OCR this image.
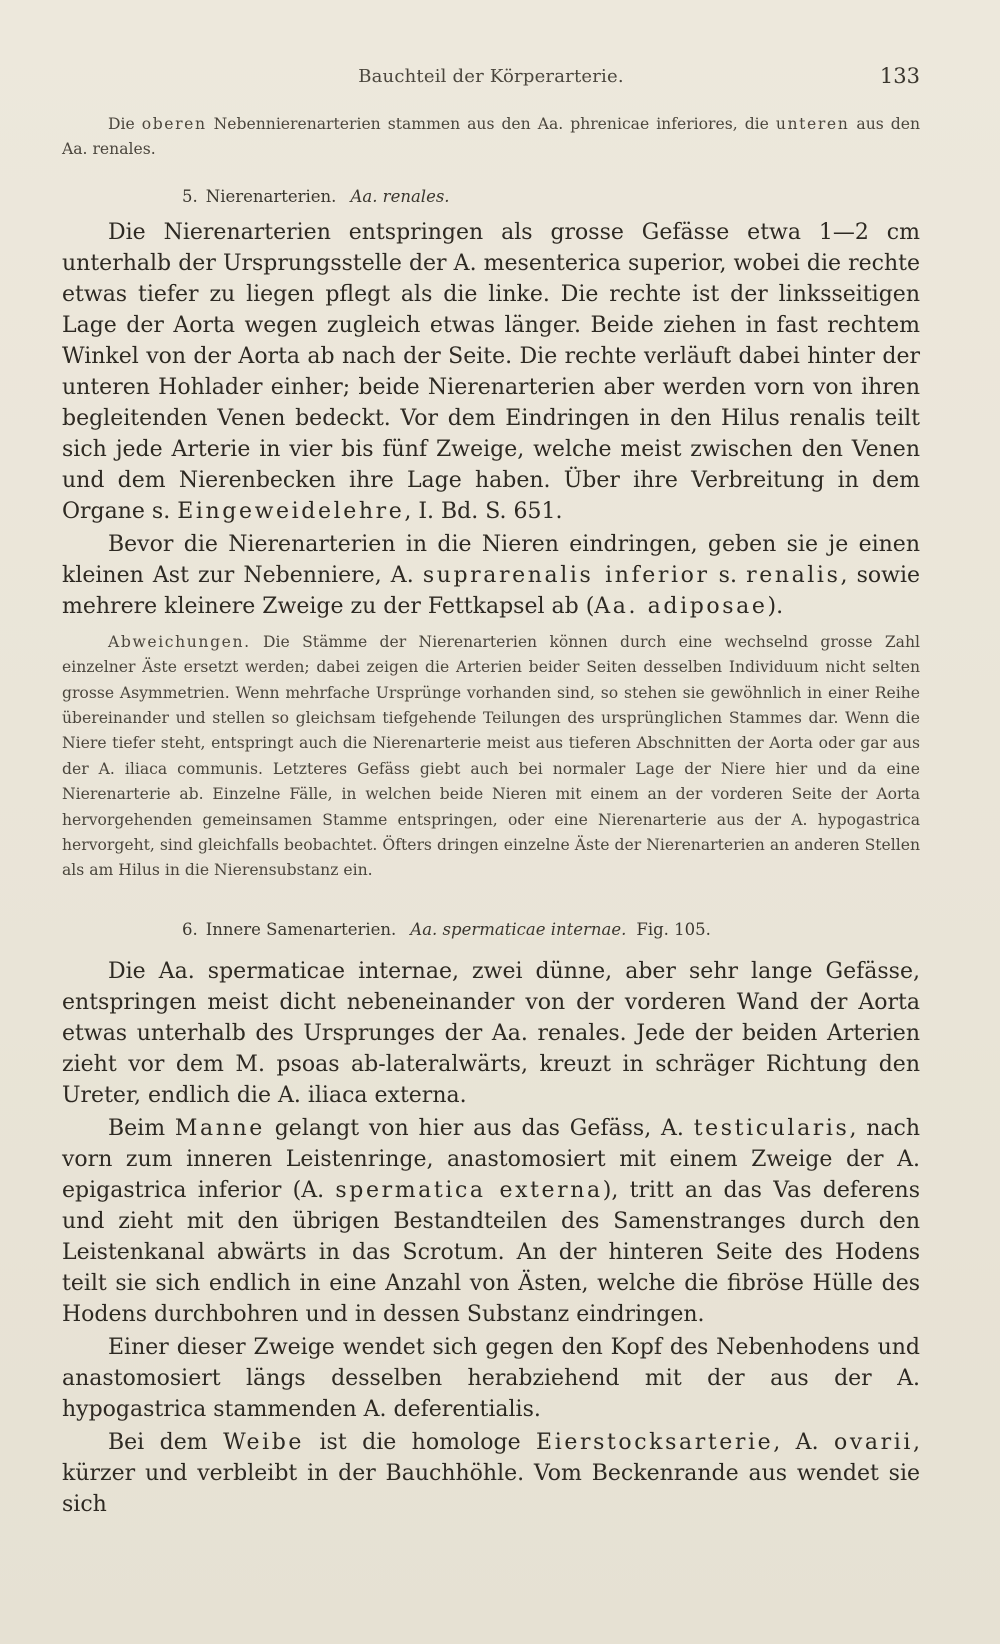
Bauchteil der Körperarterie.	133

Die oberen Nebennierenarterien stammen aus den Aa. phrenicae inferiores, die unteren aus den Aa. renales.

5. Nierenarterien. Aa. renales.

Die Nierenarterien entspringen als grosse Gefässe etwa 1—2 cm unterhalb der Ursprungsstelle der A. mesenterica superior, wobei die rechte etwas tiefer zu liegen pflegt als die linke. Die rechte ist der linksseitigen Lage der Aorta wegen zugleich etwas länger. Beide ziehen in fast rechtem Winkel von der Aorta ab nach der Seite. Die rechte verläuft dabei hinter der unteren Hohlader einher; beide Nierenarterien aber werden vorn von ihren begleitenden Venen bedeckt. Vor dem Eindringen in den Hilus renalis teilt sich jede Arterie in vier bis fünf Zweige, welche meist zwischen den Venen und dem Nierenbecken ihre Lage haben. Über ihre Verbreitung in dem Organe s. Eingeweidelehre, I. Bd. S. 651.

Bevor die Nierenarterien in die Nieren eindringen, geben sie je einen kleinen Ast zur Nebenniere, A. suprarenalis inferior s. renalis, sowie mehrere kleinere Zweige zu der Fettkapsel ab (Aa. adiposae).

Abweichungen. Die Stämme der Nierenarterien können durch eine wechselnd grosse Zahl einzelner Äste ersetzt werden; dabei zeigen die Arterien beider Seiten desselben Individuum nicht selten grosse Asymmetrien. Wenn mehrfache Ursprünge vorhanden sind, so stehen sie gewöhnlich in einer Reihe übereinander und stellen so gleichsam tiefgehende Teilungen des ursprünglichen Stammes dar. Wenn die Niere tiefer steht, entspringt auch die Nierenarterie meist aus tieferen Abschnitten der Aorta oder gar aus der A. iliaca communis. Letzteres Gefäss giebt auch bei normaler Lage der Niere hier und da eine Nierenarterie ab. Einzelne Fälle, in welchen beide Nieren mit einem an der vorderen Seite der Aorta hervorgehenden gemeinsamen Stamme entspringen, oder eine Nierenarterie aus der A. hypogastrica hervorgeht, sind gleichfalls beobachtet. Öfters dringen einzelne Äste der Nierenarterien an anderen Stellen als am Hilus in die Nierensubstanz ein.

6. Innere Samenarterien. Aa. spermaticae internae. Fig. 105.

Die Aa. spermaticae internae, zwei dünne, aber sehr lange Gefässe, entspringen meist dicht nebeneinander von der vorderen Wand der Aorta etwas unterhalb des Ursprunges der Aa. renales. Jede der beiden Arterien zieht vor dem M. psoas ab-lateralwärts, kreuzt in schräger Richtung den Ureter, endlich die A. iliaca externa.

Beim Manne gelangt von hier aus das Gefäss, A. testicularis, nach vorn zum inneren Leistenringe, anastomosiert mit einem Zweige der A. epigastrica inferior (A. spermatica externa), tritt an das Vas deferens und zieht mit den übrigen Bestandteilen des Samenstranges durch den Leistenkanal abwärts in das Scrotum. An der hinteren Seite des Hodens teilt sie sich endlich in eine Anzahl von Ästen, welche die fibröse Hülle des Hodens durchbohren und in dessen Substanz eindringen.

Einer dieser Zweige wendet sich gegen den Kopf des Nebenhodens und anastomosiert längs desselben herabziehend mit der aus der A. hypogastrica stammenden A. deferentialis.

Bei dem Weibe ist die homologe Eierstocksarterie, A. ovarii, kürzer und verbleibt in der Bauchhöhle. Vom Beckenrande aus wendet sie sich
